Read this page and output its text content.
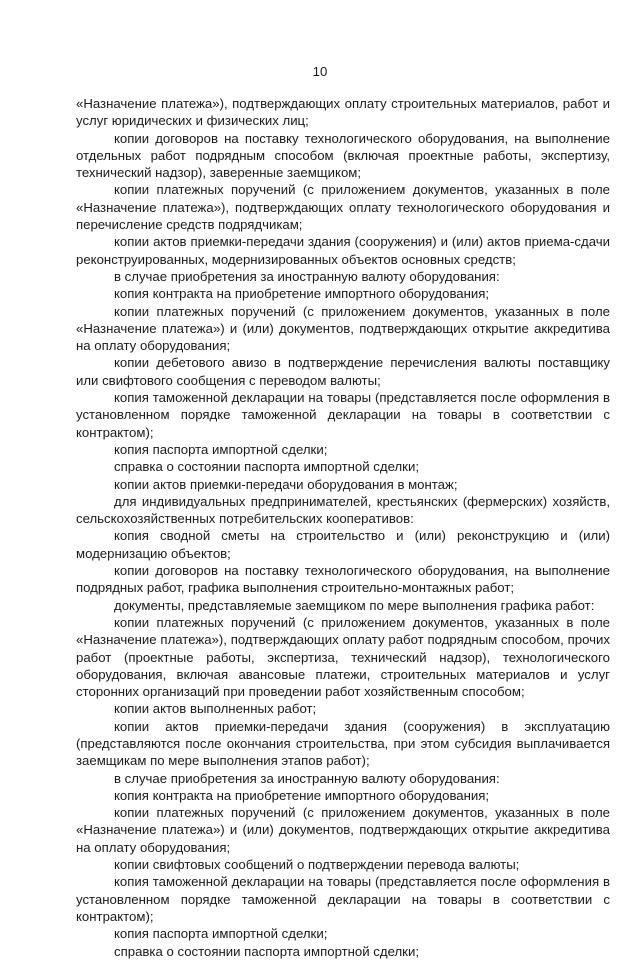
10

«Назначение платежа»), подтверждающих оплату строительных материалов, работ и услуг юридических и физических лиц;

копии договоров на поставку технологического оборудования, на выполнение отдельных работ подрядным способом (включая проектные работы, экспертизу, технический надзор), заверенные заемщиком;

копии платежных поручений (с приложением документов, указанных в поле «Назначение платежа»), подтверждающих оплату технологического оборудования и перечисление средств подрядчикам;

копии актов приемки-передачи здания (сооружения) и (или) актов приема-сдачи реконструированных, модернизированных объектов основных средств;

в случае приобретения за иностранную валюту оборудования:

копия контракта на приобретение импортного оборудования;

копии платежных поручений (с приложением документов, указанных в поле «Назначение платежа») и (или) документов, подтверждающих открытие аккредитива на оплату оборудования;

копии дебетового авизо в подтверждение перечисления валюты поставщику или свифтового сообщения с переводом валюты;

копия таможенной декларации на товары (представляется после оформления в установленном порядке таможенной декларации на товары в соответствии с контрактом);

копия паспорта импортной сделки;

справка о состоянии паспорта импортной сделки;

копии актов приемки-передачи оборудования в монтаж;

для индивидуальных предпринимателей, крестьянских (фермерских) хозяйств, сельскохозяйственных потребительских кооперативов:

копия сводной сметы на строительство и (или) реконструкцию и (или) модернизацию объектов;

копии договоров на поставку технологического оборудования, на выполнение подрядных работ, графика выполнения строительно-монтажных работ;

документы, представляемые заемщиком по мере выполнения графика работ:

копии платежных поручений (с приложением документов, указанных в поле «Назначение платежа»), подтверждающих оплату работ подрядным способом, прочих работ (проектные работы, экспертиза, технический надзор), технологического оборудования, включая авансовые платежи, строительных материалов и услуг сторонних организаций при проведении работ хозяйственным способом;

копии актов выполненных работ;

копии актов приемки-передачи здания (сооружения) в эксплуатацию (представляются после окончания строительства, при этом субсидия выплачивается заемщикам по мере выполнения этапов работ);

в случае приобретения за иностранную валюту оборудования:

копия контракта на приобретение импортного оборудования;

копии платежных поручений (с приложением документов, указанных в поле «Назначение платежа») и (или) документов, подтверждающих открытие аккредитива на оплату оборудования;

копии свифтовых сообщений о подтверждении перевода валюты;

копия таможенной декларации на товары (представляется после оформления в установленном порядке таможенной декларации на товары в соответствии с контрактом);

копия паспорта импортной сделки;

справка о состоянии паспорта импортной сделки;
